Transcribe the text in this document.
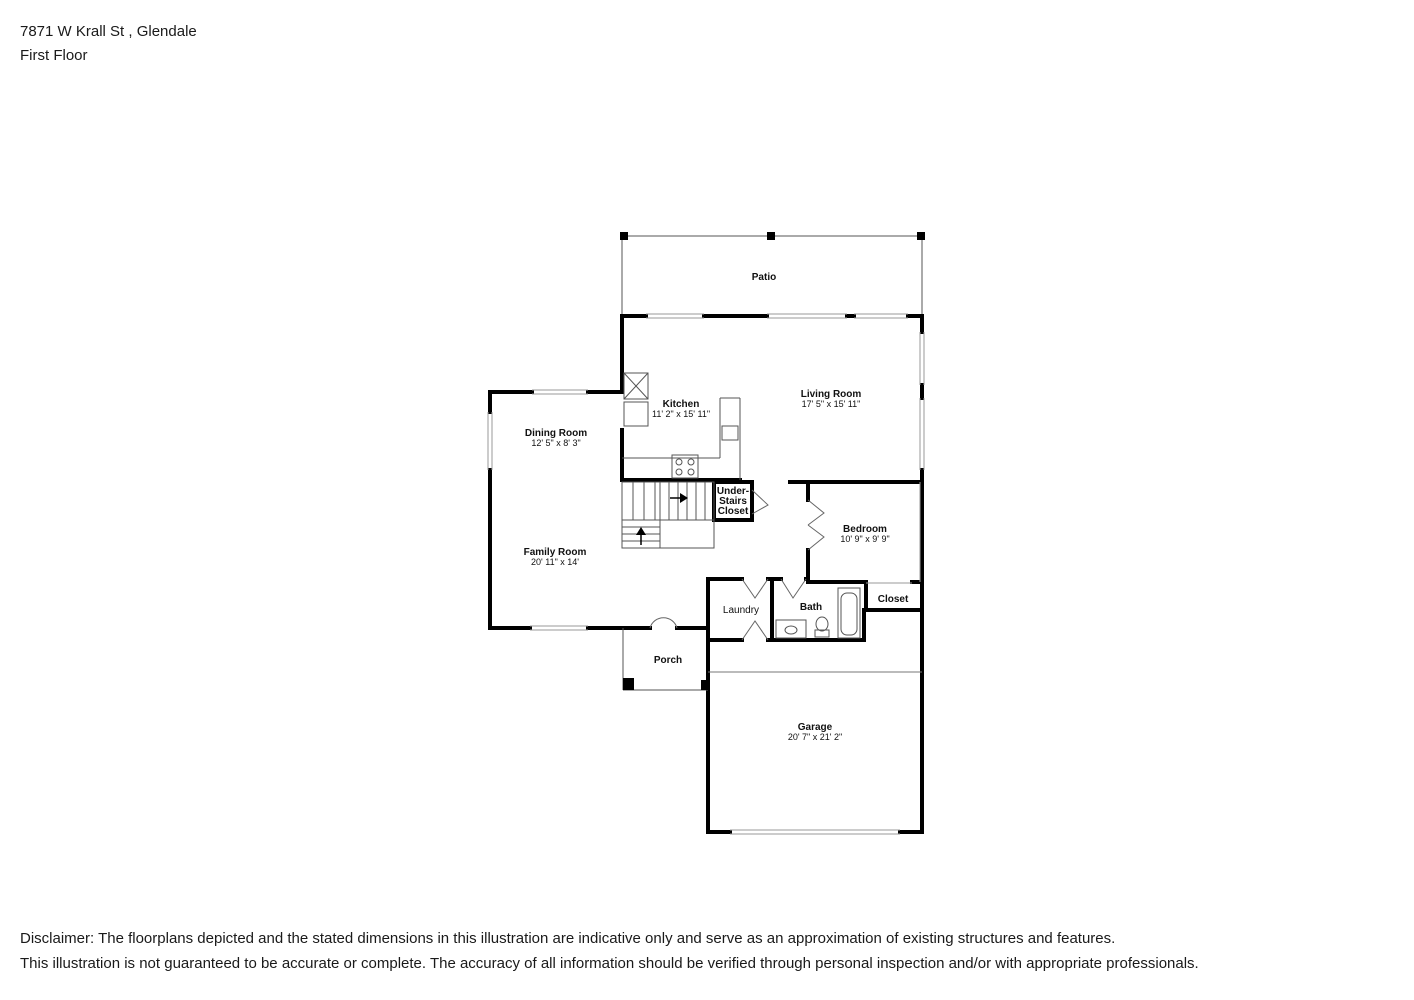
7871 W Krall St , Glendale
First Floor
Patio
Kitchen
11' 2" x 15' 11"
Living Room
17' 5" x 15' 11"
Dining Room
12' 5" x 8' 3"
Under-
Stairs
Closet
Family Room
20' 11" x 14'
Bedroom
10' 9" x 9' 9"
Laundry	Bath
Closet
Porch
Garage
20' 7" x 21' 2"
Disclaimer: The floorplans depicted and the stated dimensions in this illustration are indicative only and serve as an approximation of existing structures and features.
This illustration is not guaranteed to be accurate or complete. The accuracy of all information should be verified through personal inspection and/or with appropriate professionals.
